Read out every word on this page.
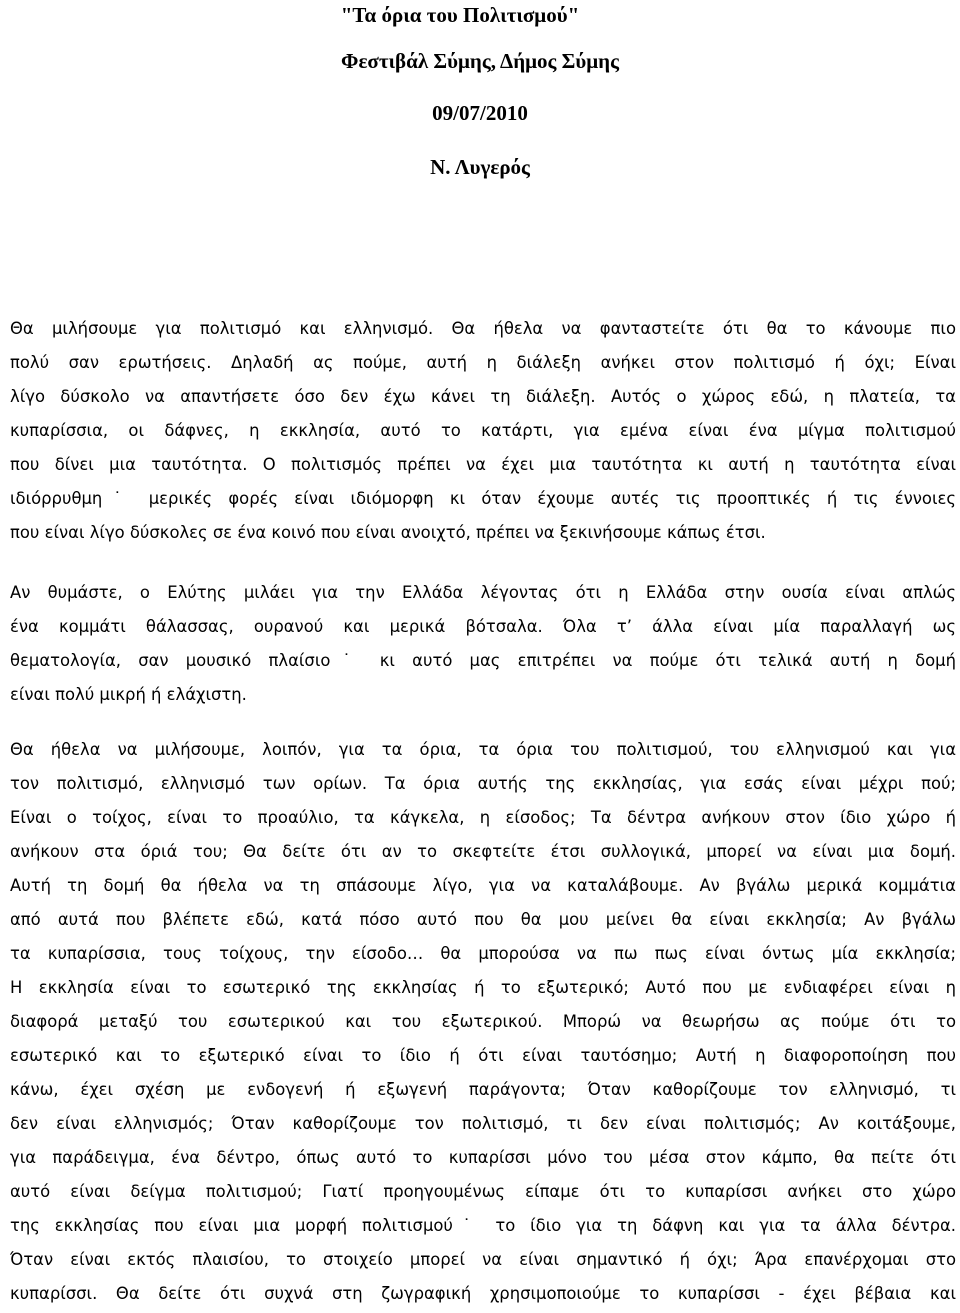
"Τα όρια του Πολιτισμού"
Φεστιβάλ Σύμης, Δήμος Σύμης
09/07/2010
Ν. Λυγερός

Θα μιλήσουμε για πολιτισμό και ελληνισμό. Θα ήθελα να φανταστείτε ότι θα το κάνουμε πιο
πολύ σαν ερωτήσεις. Δηλαδή ας πούμε, αυτή η διάλεξη ανήκει στον πολιτισμό ή όχι; Είναι
λίγο δύσκολο να απαντήσετε όσο δεν έχω κάνει τη διάλεξη. Αυτός ο χώρος εδώ, η πλατεία, τα
κυπαρίσσια, οι δάφνες, η εκκλησία, αυτό το κατάρτι, για εμένα είναι ένα μίγμα πολιτισμού
που δίνει μια ταυτότητα. Ο πολιτισμός πρέπει να έχει μια ταυτότητα κι αυτή η ταυτότητα είναι
ιδιόρρυθμη˙ μερικές φορές είναι ιδιόμορφη κι όταν έχουμε αυτές τις προοπτικές ή τις έννοιες
που είναι λίγο δύσκολες σε ένα κοινό που είναι ανοιχτό, πρέπει να ξεκινήσουμε κάπως έτσι.

Αν θυμάστε, ο Ελύτης μιλάει για την Ελλάδα λέγοντας ότι η Ελλάδα στην ουσία είναι απλώς
ένα κομμάτι θάλασσας, ουρανού και μερικά βότσαλα. Όλα τ’ άλλα είναι μία παραλλαγή ως
θεματολογία, σαν μουσικό πλαίσιο˙ κι αυτό μας επιτρέπει να πούμε ότι τελικά αυτή η δομή
είναι πολύ μικρή ή ελάχιστη.

Θα ήθελα να μιλήσουμε, λοιπόν, για τα όρια, τα όρια του πολιτισμού, του ελληνισμού και για
τον πολιτισμό, ελληνισμό των ορίων. Τα όρια αυτής της εκκλησίας, για εσάς είναι μέχρι πού;
Είναι ο τοίχος, είναι το προαύλιο, τα κάγκελα, η είσοδος; Τα δέντρα ανήκουν στον ίδιο χώρο ή
ανήκουν στα όριά του; Θα δείτε ότι αν το σκεφτείτε έτσι συλλογικά, μπορεί να είναι μια δομή.
Αυτή τη δομή θα ήθελα να τη σπάσουμε λίγο, για να καταλάβουμε. Αν βγάλω μερικά κομμάτια
από αυτά που βλέπετε εδώ, κατά πόσο αυτό που θα μου μείνει θα είναι εκκλησία; Αν βγάλω
τα κυπαρίσσια, τους τοίχους, την είσοδο… θα μπορούσα να πω πως είναι όντως μία εκκλησία;
Η εκκλησία είναι το εσωτερικό της εκκλησίας ή το εξωτερικό; Αυτό που με ενδιαφέρει είναι η
διαφορά μεταξύ του εσωτερικού και του εξωτερικού. Μπορώ να θεωρήσω ας πούμε ότι το
εσωτερικό και το εξωτερικό είναι το ίδιο ή ότι είναι ταυτόσημο; Αυτή η διαφοροποίηση που
κάνω, έχει σχέση με ενδογενή ή εξωγενή παράγοντα; Όταν καθορίζουμε τον ελληνισμό, τι
δεν είναι ελληνισμός; Όταν καθορίζουμε τον πολιτισμό, τι δεν είναι πολιτισμός; Αν κοιτάξουμε,
για παράδειγμα, ένα δέντρο, όπως αυτό το κυπαρίσσι μόνο του μέσα στον κάμπο, θα πείτε ότι
αυτό είναι δείγμα πολιτισμού; Γιατί προηγουμένως είπαμε ότι το κυπαρίσσι ανήκει στο χώρο
της εκκλησίας που είναι μια μορφή πολιτισμού˙ το ίδιο για τη δάφνη και για τα άλλα δέντρα.
Όταν είναι εκτός πλαισίου, το στοιχείο μπορεί να είναι σημαντικό ή όχι; Άρα επανέρχομαι στο
κυπαρίσσι. Θα δείτε ότι συχνά στη ζωγραφική χρησιμοποιούμε το κυπαρίσσι - έχει βέβαια και
